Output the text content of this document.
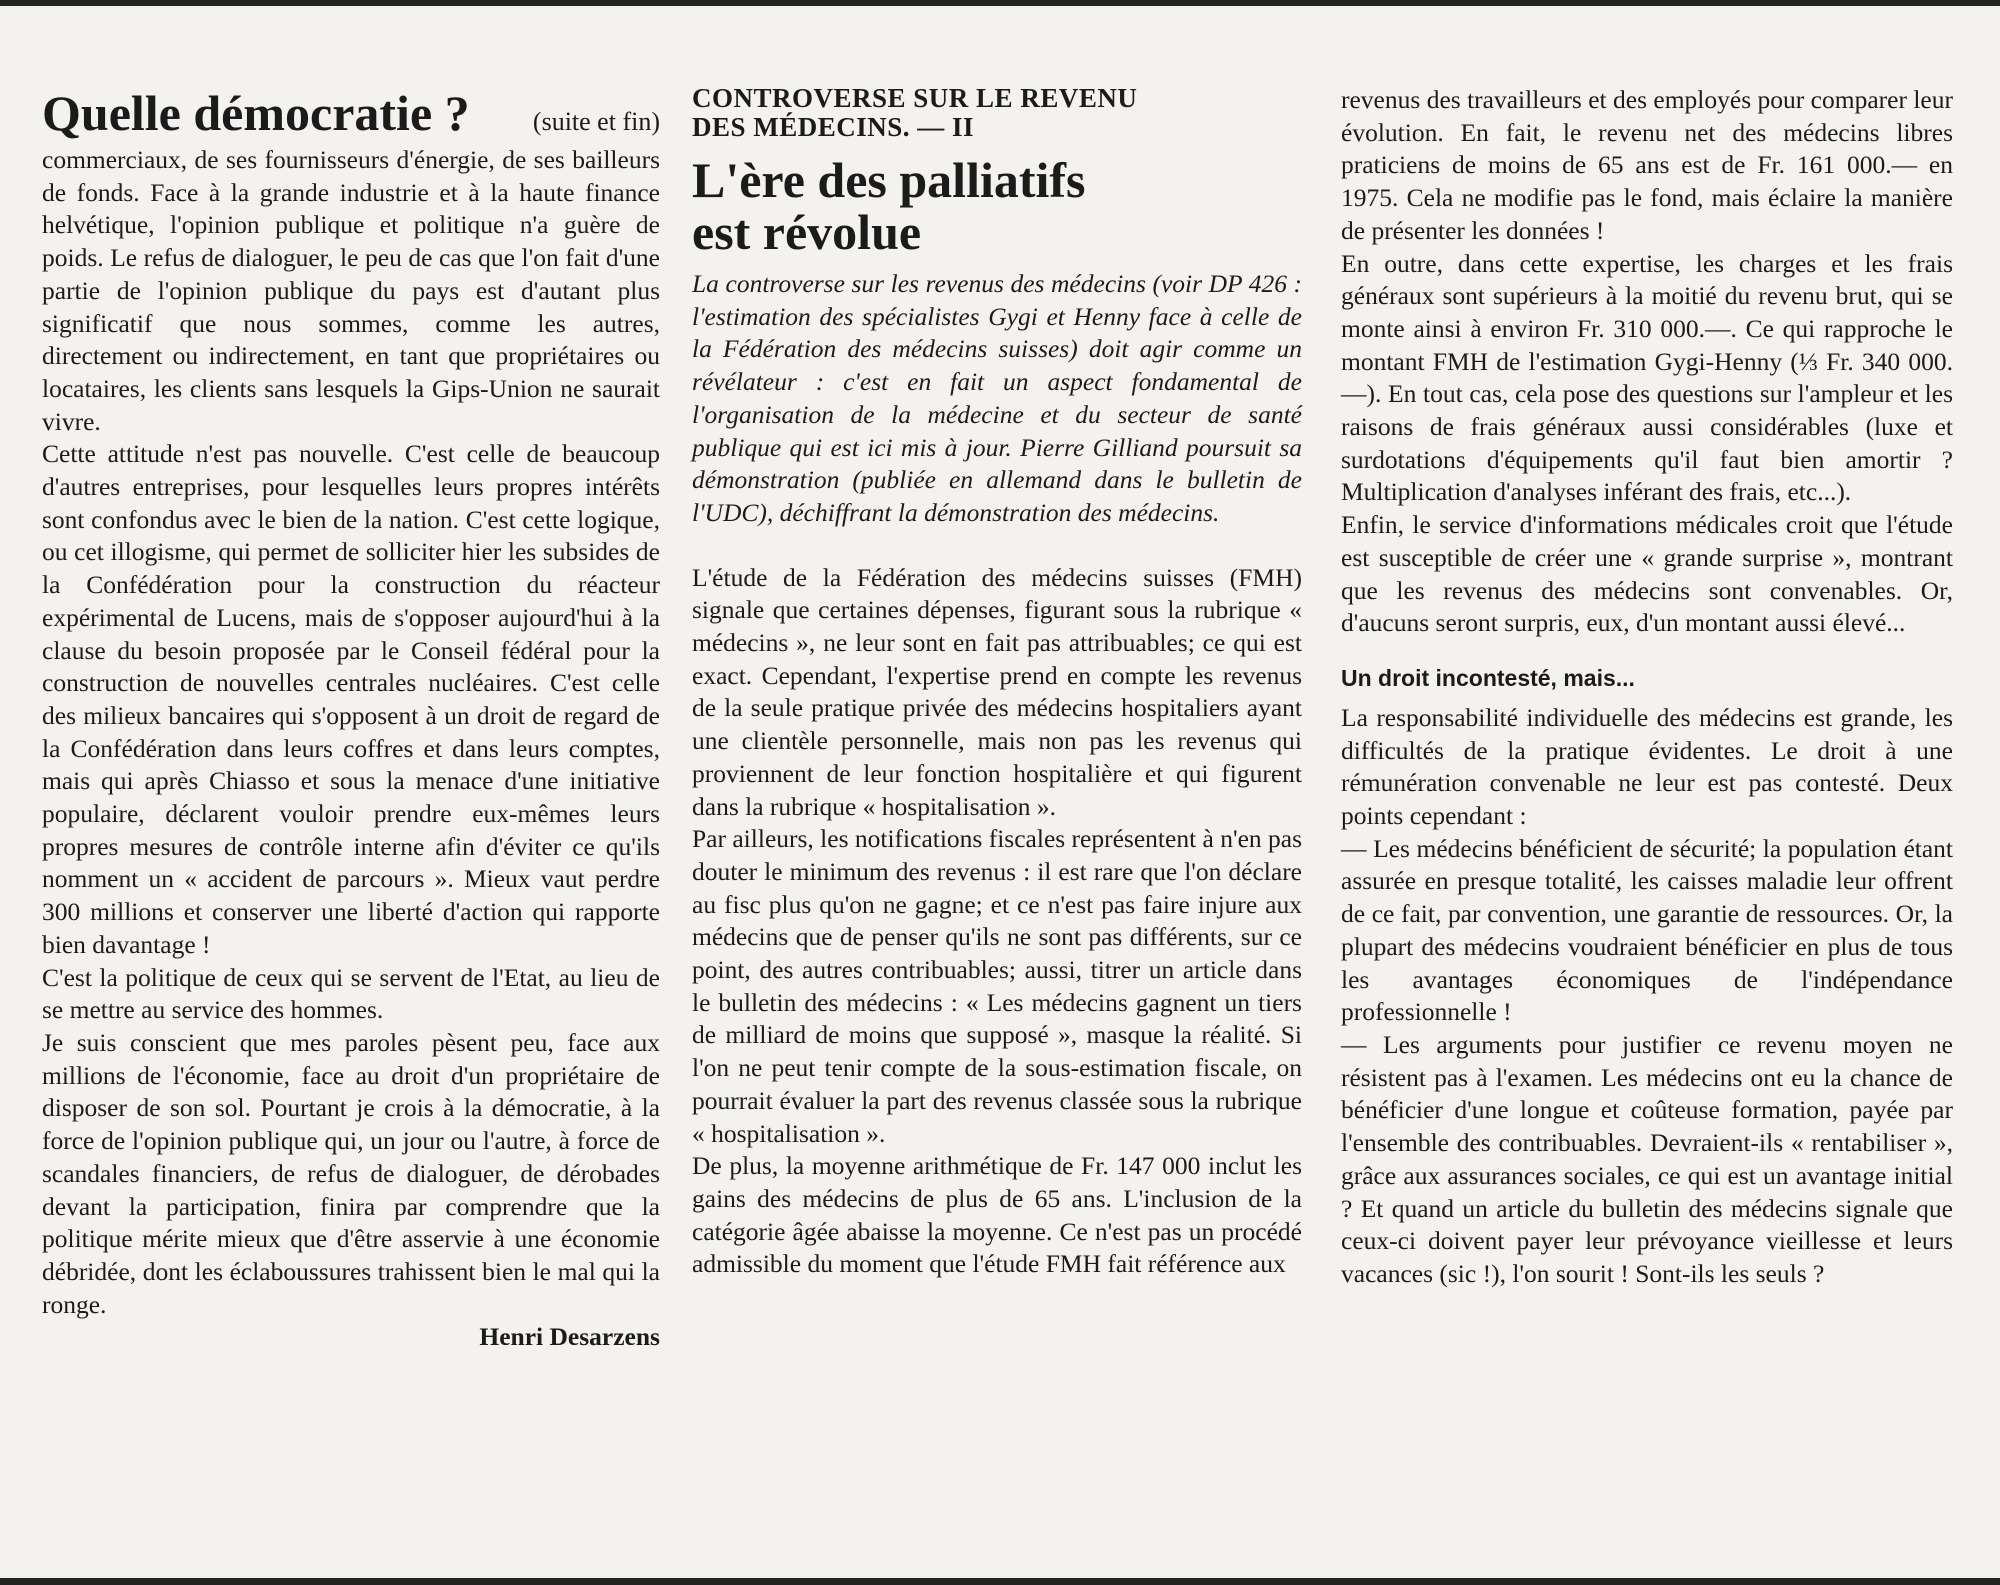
Quelle démocratie ? (suite et fin)

commerciaux, de ses fournisseurs d'énergie, de ses bailleurs de fonds. Face à la grande industrie et à la haute finance helvétique, l'opinion publique et politique n'a guère de poids. Le refus de dialoguer, le peu de cas que l'on fait d'une partie de l'opinion publique du pays est d'autant plus significatif que nous sommes, comme les autres, directement ou indirectement, en tant que propriétaires ou locataires, les clients sans lesquels la Gips-Union ne saurait vivre.

Cette attitude n'est pas nouvelle. C'est celle de beaucoup d'autres entreprises, pour lesquelles leurs propres intérêts sont confondus avec le bien de la nation. C'est cette logique, ou cet illogisme, qui permet de solliciter hier les subsides de la Confédération pour la construction du réacteur expérimental de Lucens, mais de s'opposer aujourd'hui à la clause du besoin proposée par le Conseil fédéral pour la construction de nouvelles centrales nucléaires. C'est celle des milieux bancaires qui s'opposent à un droit de regard de la Confédération dans leurs coffres et dans leurs comptes, mais qui après Chiasso et sous la menace d'une initiative populaire, déclarent vouloir prendre eux-mêmes leurs propres mesures de contrôle interne afin d'éviter ce qu'ils nomment un « accident de parcours ». Mieux vaut perdre 300 millions et conserver une liberté d'action qui rapporte bien davantage !

C'est la politique de ceux qui se servent de l'Etat, au lieu de se mettre au service des hommes.

Je suis conscient que mes paroles pèsent peu, face aux millions de l'économie, face au droit d'un propriétaire de disposer de son sol. Pourtant je crois à la démocratie, à la force de l'opinion publique qui, un jour ou l'autre, à force de scandales financiers, de refus de dialoguer, de dérobades devant la participation, finira par comprendre que la politique mérite mieux que d'être asservie à une économie débridée, dont les éclaboussures trahissent bien le mal qui la ronge.

Henri Desarzens

CONTROVERSE SUR LE REVENU
DES MÉDECINS. — II
L'ère des palliatifs
est révolue

La controverse sur les revenus des médecins (voir DP 426 : l'estimation des spécialistes Gygi et Henny face à celle de la Fédération des médecins suisses) doit agir comme un révélateur : c'est en fait un aspect fondamental de l'organisation de la médecine et du secteur de santé publique qui est ici mis à jour. Pierre Gilliand poursuit sa démonstration (publiée en allemand dans le bulletin de l'UDC), déchiffrant la démonstration des médecins.

L'étude de la Fédération des médecins suisses (FMH) signale que certaines dépenses, figurant sous la rubrique « médecins », ne leur sont en fait pas attribuables; ce qui est exact. Cependant, l'expertise prend en compte les revenus de la seule pratique privée des médecins hospitaliers ayant une clientèle personnelle, mais non pas les revenus qui proviennent de leur fonction hospitalière et qui figurent dans la rubrique « hospitalisation ».

Par ailleurs, les notifications fiscales représentent à n'en pas douter le minimum des revenus : il est rare que l'on déclare au fisc plus qu'on ne gagne; et ce n'est pas faire injure aux médecins que de penser qu'ils ne sont pas différents, sur ce point, des autres contribuables; aussi, titrer un article dans le bulletin des médecins : « Les médecins gagnent un tiers de milliard de moins que supposé », masque la réalité. Si l'on ne peut tenir compte de la sous-estimation fiscale, on pourrait évaluer la part des revenus classée sous la rubrique « hospitalisation ».

De plus, la moyenne arithmétique de Fr. 147 000 inclut les gains des médecins de plus de 65 ans. L'inclusion de la catégorie âgée abaisse la moyenne. Ce n'est pas un procédé admissible du moment que l'étude FMH fait référence aux

revenus des travailleurs et des employés pour comparer leur évolution. En fait, le revenu net des médecins libres praticiens de moins de 65 ans est de Fr. 161 000.— en 1975. Cela ne modifie pas le fond, mais éclaire la manière de présenter les données !

En outre, dans cette expertise, les charges et les frais généraux sont supérieurs à la moitié du revenu brut, qui se monte ainsi à environ Fr. 310 000.—. Ce qui rapproche le montant FMH de l'estimation Gygi-Henny (⅓ Fr. 340 000.—). En tout cas, cela pose des questions sur l'ampleur et les raisons de frais généraux aussi considérables (luxe et surdotations d'équipements qu'il faut bien amortir ? Multiplication d'analyses inférant des frais, etc...).

Enfin, le service d'informations médicales croit que l'étude est susceptible de créer une « grande surprise », montrant que les revenus des médecins sont convenables. Or, d'aucuns seront surpris, eux, d'un montant aussi élevé...

Un droit incontesté, mais...

La responsabilité individuelle des médecins est grande, les difficultés de la pratique évidentes. Le droit à une rémunération convenable ne leur est pas contesté. Deux points cependant :

— Les médecins bénéficient de sécurité; la population étant assurée en presque totalité, les caisses maladie leur offrent de ce fait, par convention, une garantie de ressources. Or, la plupart des médecins voudraient bénéficier en plus de tous les avantages économiques de l'indépendance professionnelle !

— Les arguments pour justifier ce revenu moyen ne résistent pas à l'examen. Les médecins ont eu la chance de bénéficier d'une longue et coûteuse formation, payée par l'ensemble des contribuables. Devraient-ils « rentabiliser », grâce aux assurances sociales, ce qui est un avantage initial ? Et quand un article du bulletin des médecins signale que ceux-ci doivent payer leur prévoyance vieillesse et leurs vacances (sic !), l'on sourit ! Sont-ils les seuls ?
